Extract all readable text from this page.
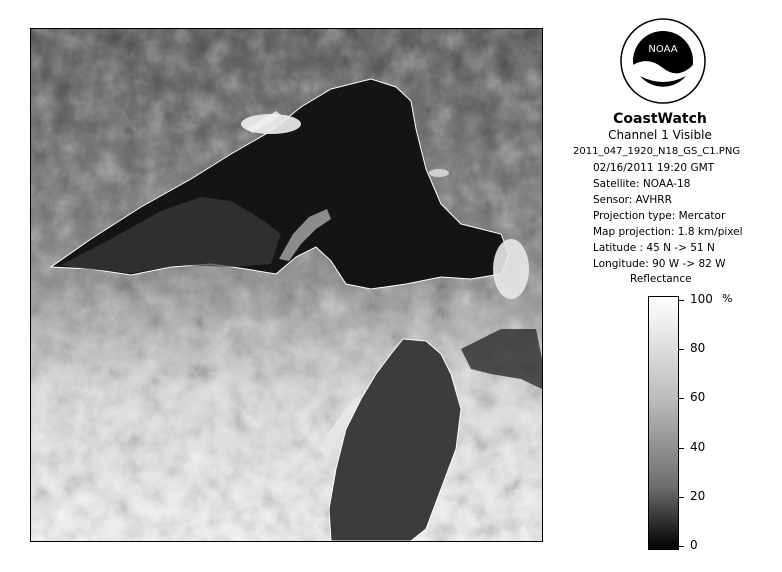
NOAA
CoastWatch
Channel 1 Visible
2011_047_1920_N18_GS_C1.PNG
02/16/2011 19:20 GMT
Satellite: NOAA-18
Sensor: AVHRR
Projection type: Mercator
Map projection: 1.8 km/pixel
Latitude : 45 N -> 51 N
Longitude: 90 W -> 82 W
Reflectance
%
100
80
60
40
20
0
